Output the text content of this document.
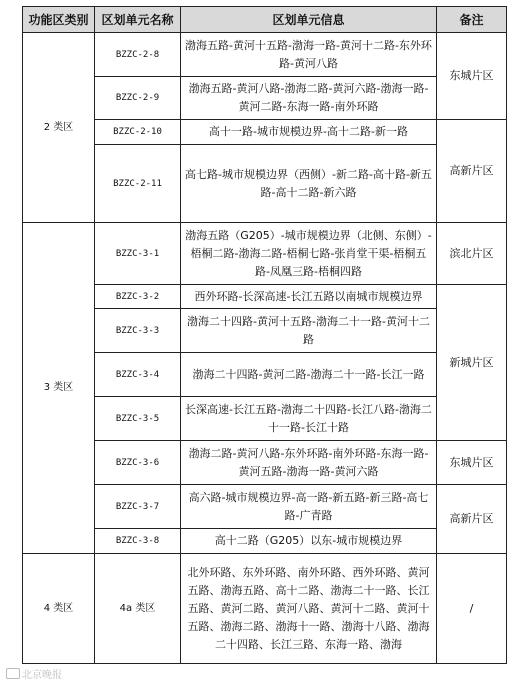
功能区类别	区划单元名称	区划单元信息	备注
2 类区	BZZC-2-8	渤海五路-黄河十五路-渤海一路-黄河十二路-东外环路-黄河八路	东城片区
	BZZC-2-9	渤海五路-黄河八路-渤海二路-黄河六路-渤海一路-黄河二路-东海一路-南外环路	
	BZZC-2-10	高十一路-城市规模边界-高十二路-新一路	高新片区
	BZZC-2-11	高七路-城市规模边界（西侧）-新二路-高十路-新五路-高十二路-新六路	
3 类区	BZZC-3-1	渤海五路（G205）-城市规模边界（北侧、东侧）-梧桐二路-渤海二路-梧桐七路-张肖堂干渠-梧桐五路-凤凰三路-梧桐四路	滨北片区
	BZZC-3-2	西外环路-长深高速-长江五路以南城市规模边界	新城片区
	BZZC-3-3	渤海二十四路-黄河十五路-渤海二十一路-黄河十二路	
	BZZC-3-4	渤海二十四路-黄河二路-渤海二十一路-长江一路	
	BZZC-3-5	长深高速-长江五路-渤海二十四路-长江八路-渤海二十一路-长江十路	
	BZZC-3-6	渤海二路-黄河八路-东外环路-南外环路-东海一路-黄河五路-渤海一路-黄河六路	东城片区
	BZZC-3-7	高六路-城市规模边界-高一路-新五路-新三路-高七路-广青路	高新片区
	BZZC-3-8	高十二路（G205）以东-城市规模边界	
4 类区	4a 类区	北外环路、东外环路、南外环路、西外环路、黄河五路、渤海五路、高十二路、渤海二十一路、长江五路、黄河二路、黄河八路、黄河十二路、黄河十五路、渤海二路、渤海十一路、渤海十八路、渤海二十四路、长江三路、东海一路、渤海	/
北京晚报
